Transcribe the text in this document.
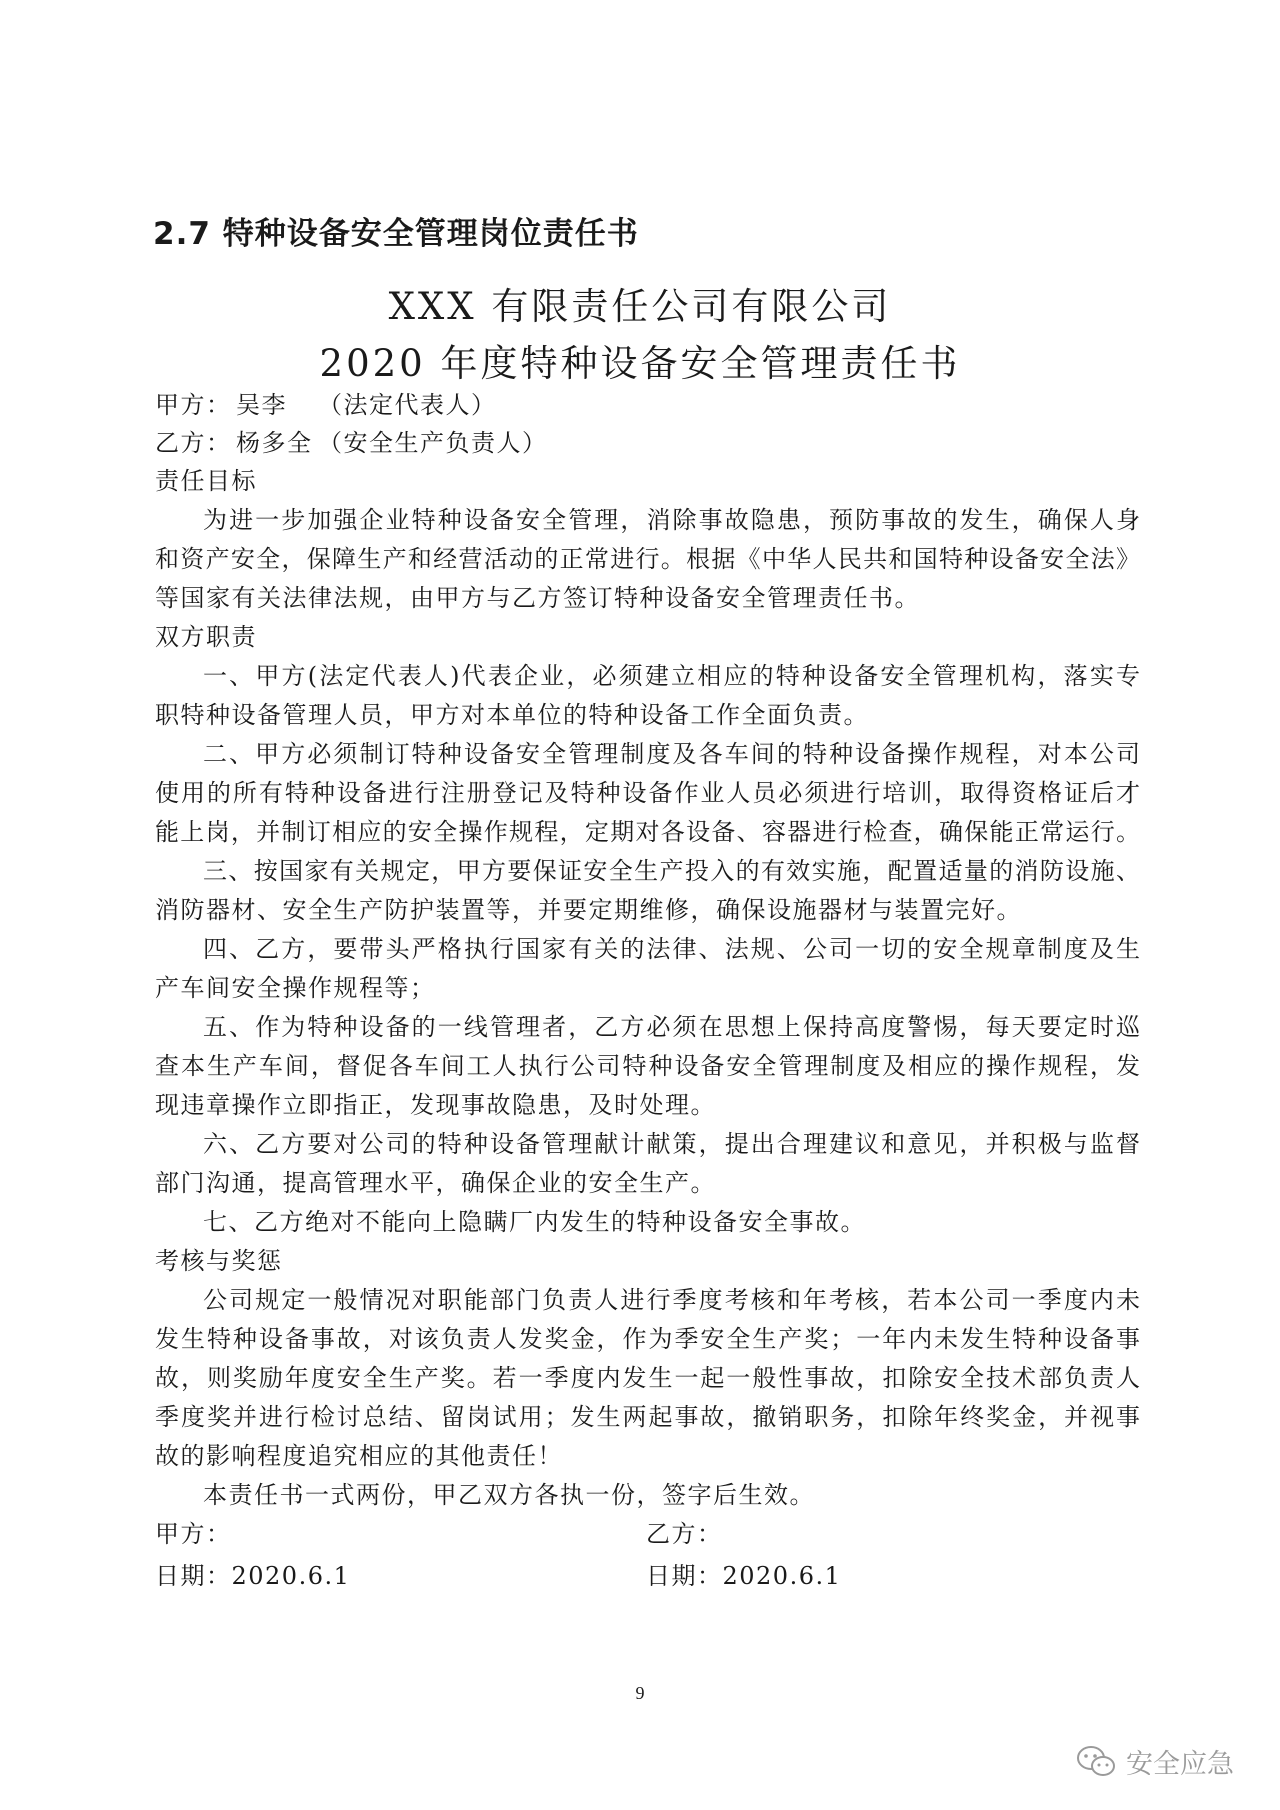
2.7 特种设备安全管理岗位责任书
XXX 有限责任公司有限公司
2020 年度特种设备安全管理责任书
甲方： 吴李 （法定代表人）
乙方： 杨多全 （安全生产负责人）
责任目标
为进一步加强企业特种设备安全管理，消除事故隐患，预防事故的发生，确保人身
和资产安全，保障生产和经营活动的正常进行。根据《中华人民共和国特种设备安全法》
等国家有关法律法规，由甲方与乙方签订特种设备安全管理责任书。
双方职责
一、甲方(法定代表人)代表企业，必须建立相应的特种设备安全管理机构，落实专
职特种设备管理人员，甲方对本单位的特种设备工作全面负责。
二、甲方必须制订特种设备安全管理制度及各车间的特种设备操作规程，对本公司
使用的所有特种设备进行注册登记及特种设备作业人员必须进行培训，取得资格证后才
能上岗，并制订相应的安全操作规程，定期对各设备、容器进行检查，确保能正常运行。
三、按国家有关规定，甲方要保证安全生产投入的有效实施，配置适量的消防设施、
消防器材、安全生产防护装置等，并要定期维修，确保设施器材与装置完好。
四、乙方，要带头严格执行国家有关的法律、法规、公司一切的安全规章制度及生
产车间安全操作规程等；
五、作为特种设备的一线管理者，乙方必须在思想上保持高度警惕，每天要定时巡
查本生产车间，督促各车间工人执行公司特种设备安全管理制度及相应的操作规程，发
现违章操作立即指正，发现事故隐患，及时处理。
六、乙方要对公司的特种设备管理献计献策，提出合理建议和意见，并积极与监督
部门沟通，提高管理水平，确保企业的安全生产。
七、乙方绝对不能向上隐瞒厂内发生的特种设备安全事故。
考核与奖惩
公司规定一般情况对职能部门负责人进行季度考核和年考核，若本公司一季度内未
发生特种设备事故，对该负责人发奖金，作为季安全生产奖；一年内未发生特种设备事
故，则奖励年度安全生产奖。若一季度内发生一起一般性事故，扣除安全技术部负责人
季度奖并进行检讨总结、留岗试用；发生两起事故，撤销职务，扣除年终奖金，并视事
故的影响程度追究相应的其他责任！
本责任书一式两份，甲乙双方各执一份，签字后生效。
甲方：	乙方：
日期：2020.6.1	日期：2020.6.1
9
安全应急
